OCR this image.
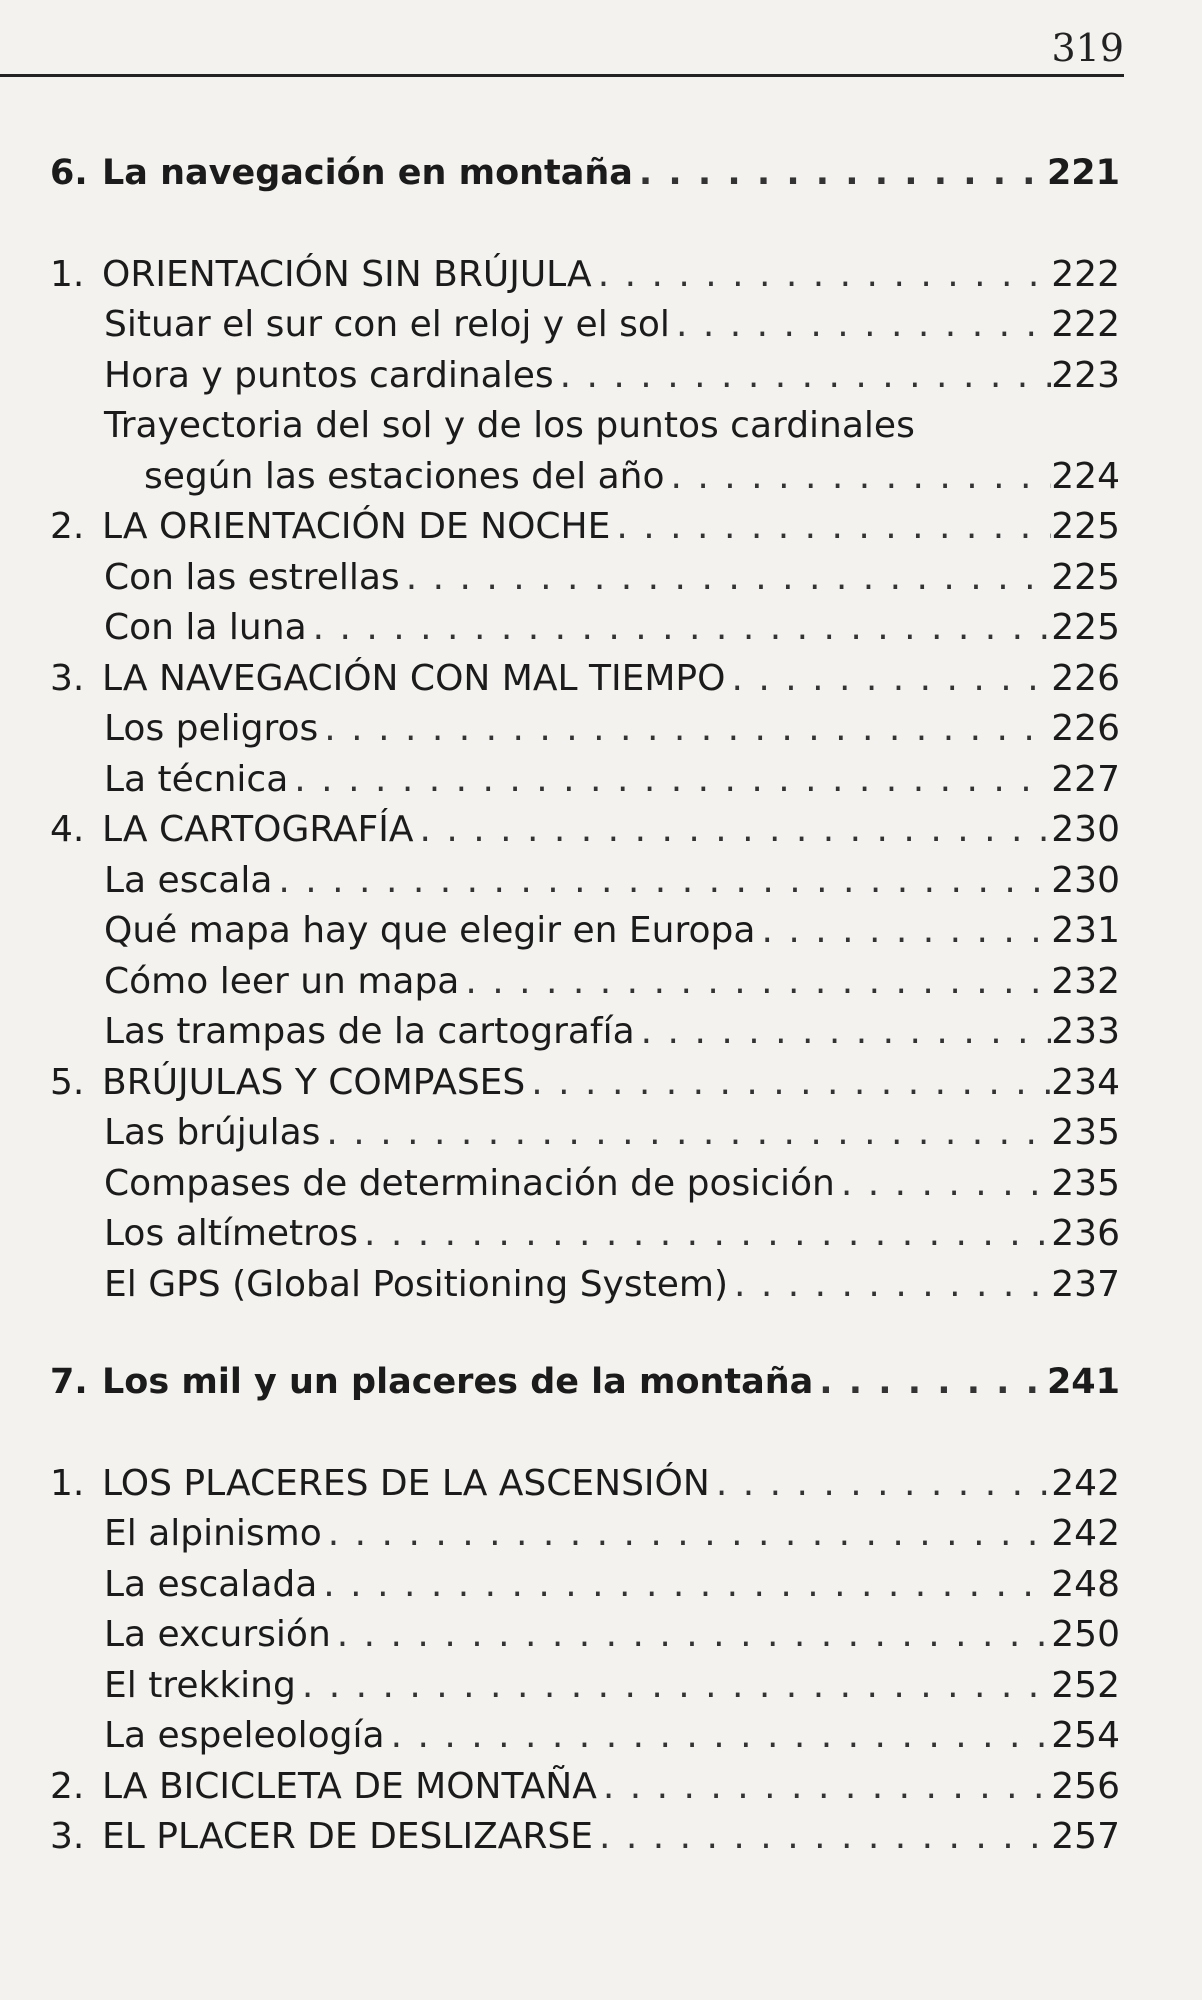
319
6. La navegación en montaña . . .	221
1. ORIENTACIÓN SIN BRÚJULA . . .	222
Situar el sur con el reloj y el sol . . .	222
Hora y puntos cardinales . . .	223
Trayectoria del sol y de los puntos cardinales
según las estaciones del año . . .	224
2. LA ORIENTACIÓN DE NOCHE . . .	225
Con las estrellas . . .	225
Con la luna . . .	225
3. LA NAVEGACIÓN CON MAL TIEMPO . . .	226
Los peligros . . .	226
La técnica . . .	227
4. LA CARTOGRAFÍA . . .	230
La escala . . .	230
Qué mapa hay que elegir en Europa . . .	231
Cómo leer un mapa . . .	232
Las trampas de la cartografía . . .	233
5. BRÚJULAS Y COMPASES . . .	234
Las brújulas . . .	235
Compases de determinación de posición . . .	235
Los altímetros . . .	236
El GPS (Global Positioning System) . . .	237
7. Los mil y un placeres de la montaña . . .	241
1. LOS PLACERES DE LA ASCENSIÓN . . .	242
El alpinismo . . .	242
La escalada . . .	248
La excursión . . .	250
El trekking . . .	252
La espeleología . . .	254
2. LA BICICLETA DE MONTAÑA . . .	256
3. EL PLACER DE DESLIZARSE . . .	257
